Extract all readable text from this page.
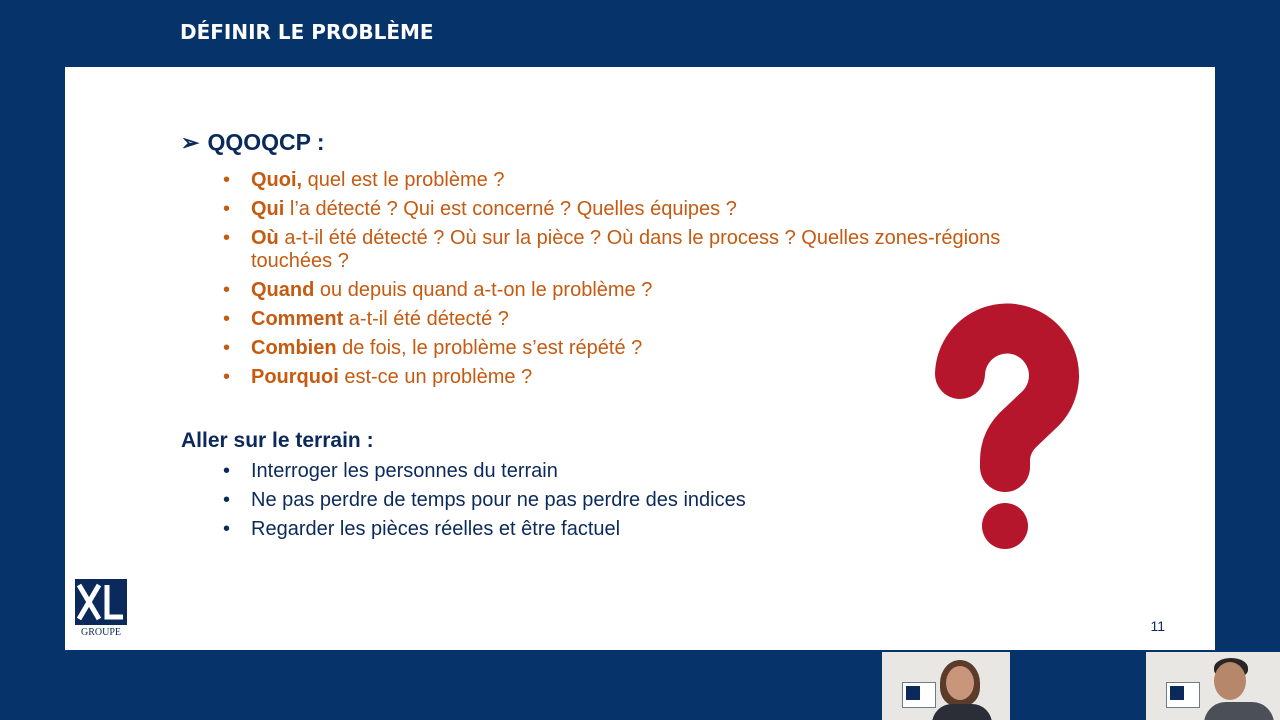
DÉFINIR LE PROBLÈME
➢ QQOQCP :
• Quoi, quel est le problème ?
• Qui l’a détecté ? Qui est concerné ? Quelles équipes ?
• Où a-t-il été détecté ? Où sur la pièce ? Où dans le process ? Quelles zones-régions touchées ?
• Quand ou depuis quand a-t-on le problème ?
• Comment a-t-il été détecté ?
• Combien de fois, le problème s’est répété ?
• Pourquoi est-ce un problème ?
Aller sur le terrain :
• Interroger les personnes du terrain
• Ne pas perdre de temps pour ne pas perdre des indices
• Regarder les pièces réelles et être factuel
GROUPE	11
